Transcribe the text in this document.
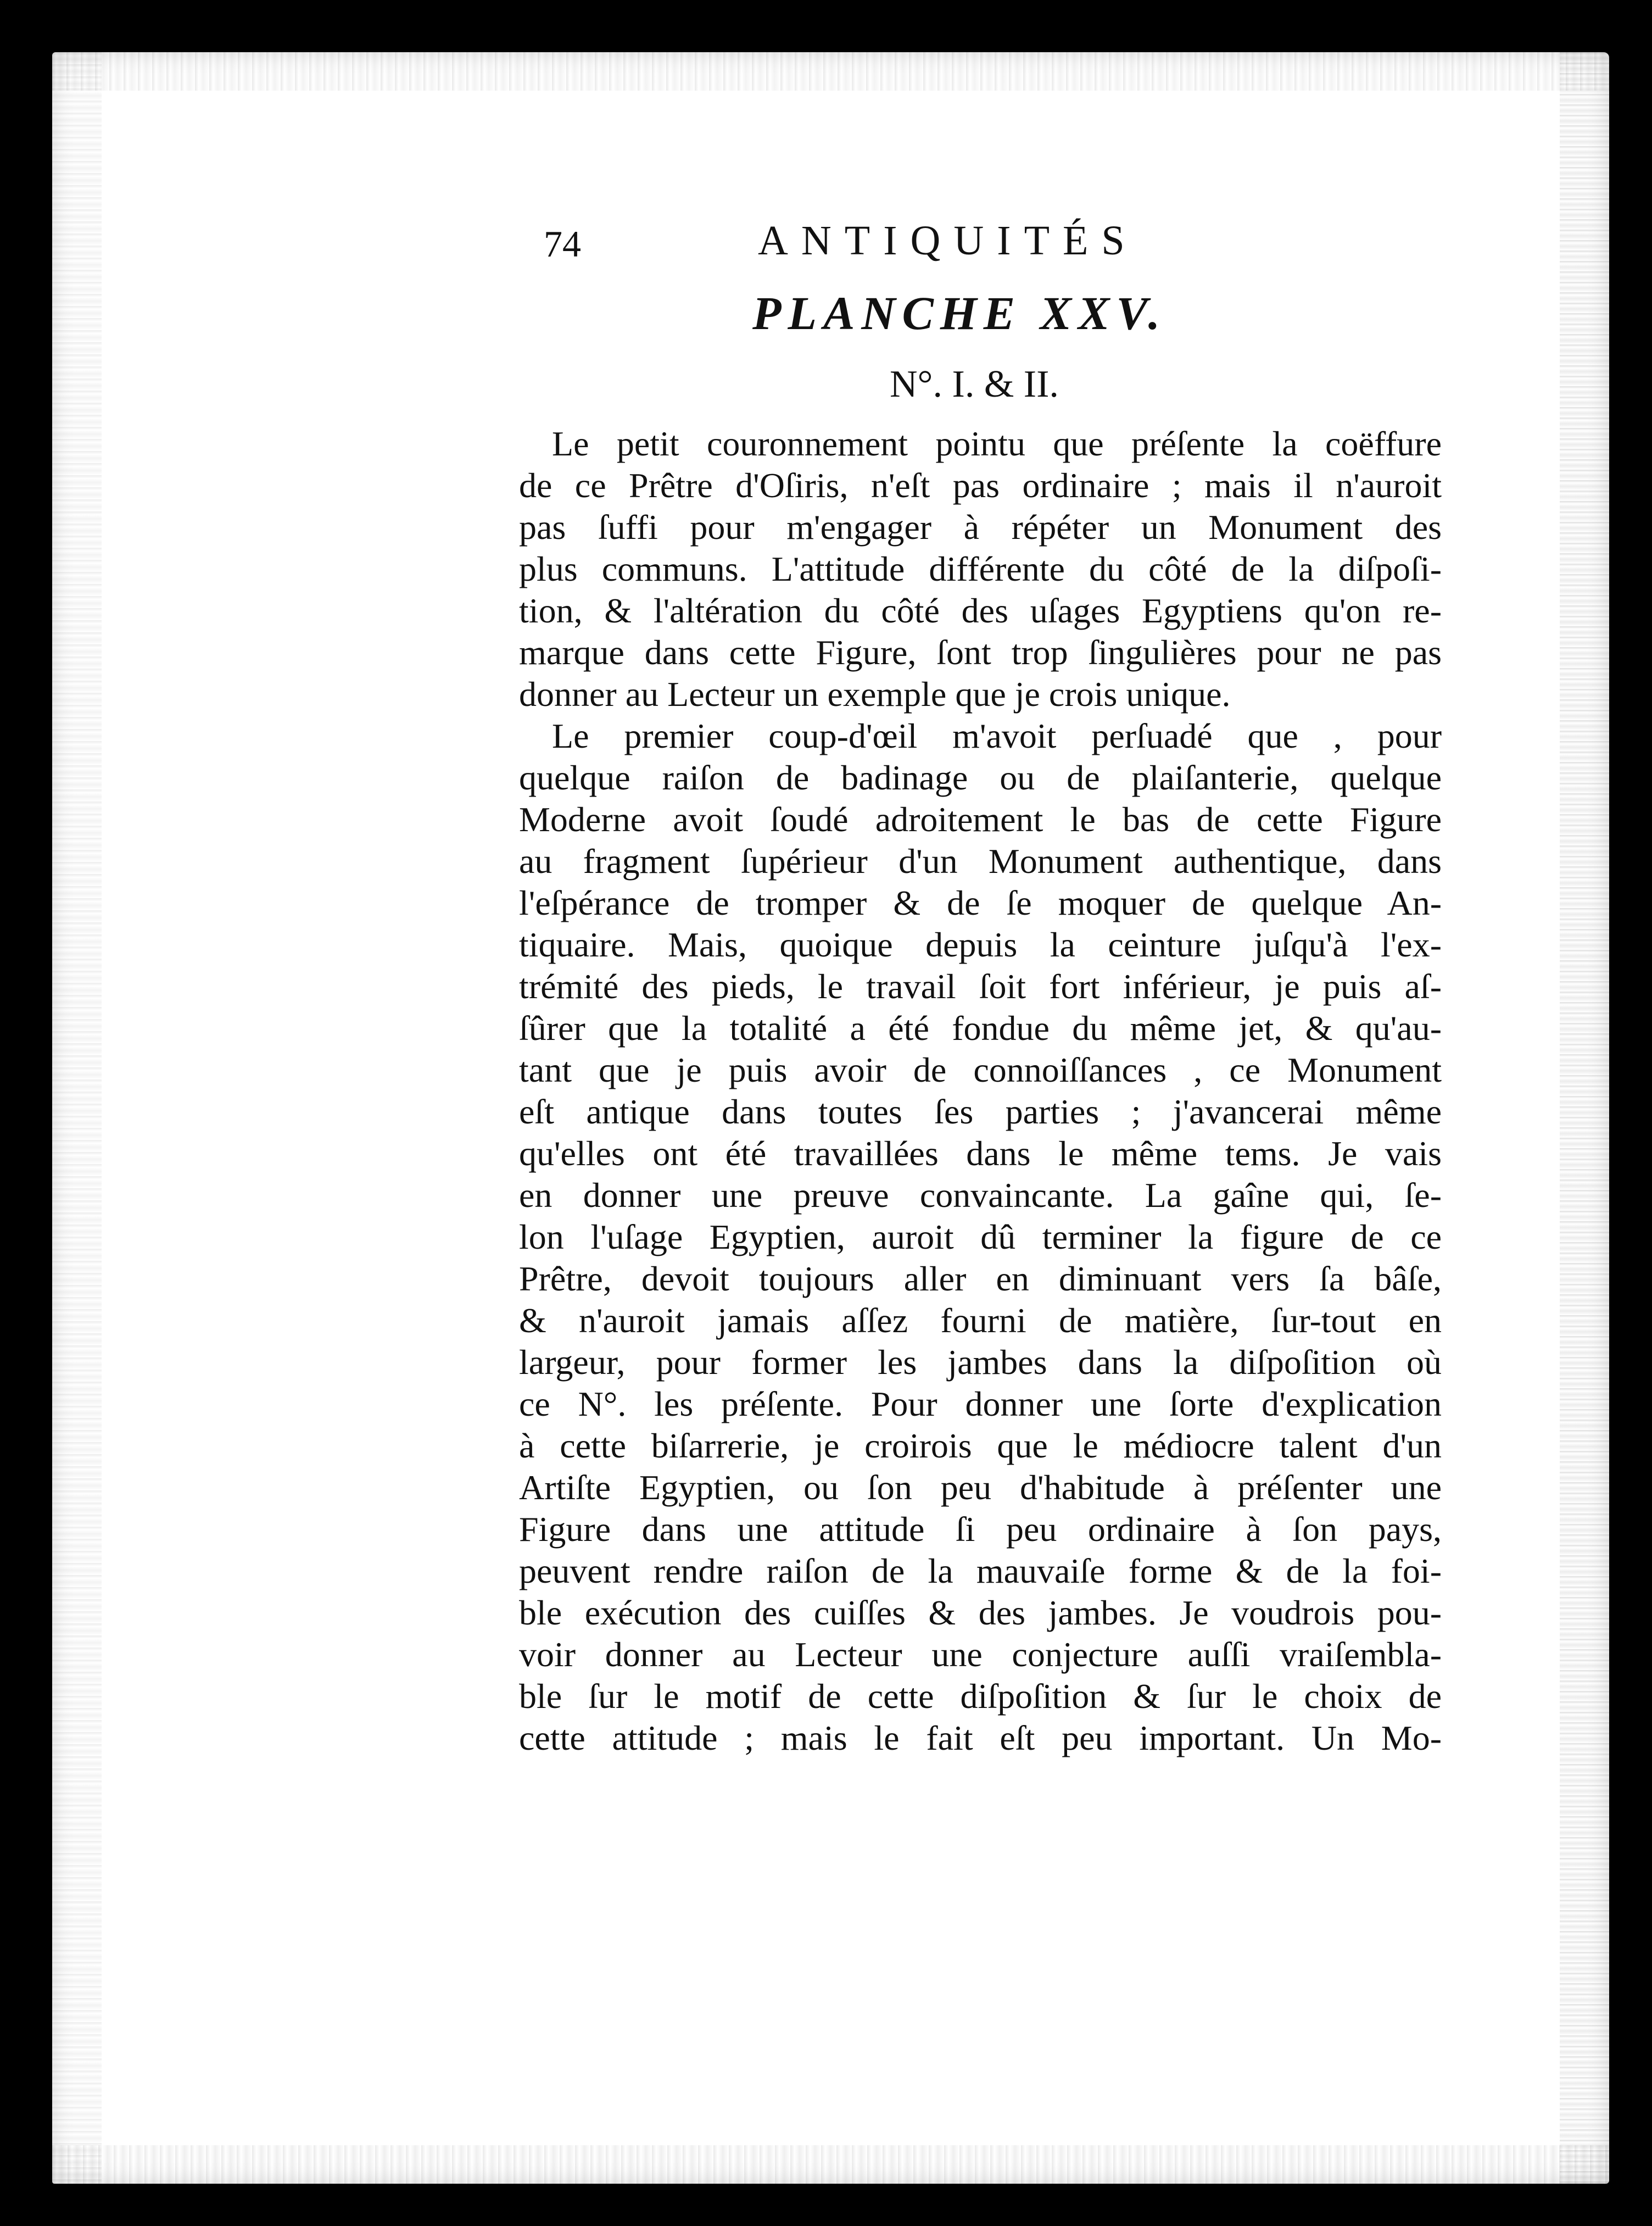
74	ANTIQUITÉS
PLANCHE XXV.
N°. I. & II.
Le petit couronnement pointu que préſente la coëffure
de ce Prêtre d'Oſiris, n'eſt pas ordinaire ; mais il n'auroit
pas ſuffi pour m'engager à répéter un Monument des
plus communs. L'attitude différente du côté de la diſpoſi-
tion, & l'altération du côté des uſages Egyptiens qu'on re-
marque dans cette Figure, ſont trop ſingulières pour ne pas
donner au Lecteur un exemple que je crois unique.
Le premier coup-d'œil m'avoit perſuadé que , pour
quelque raiſon de badinage ou de plaiſanterie, quelque
Moderne avoit ſoudé adroitement le bas de cette Figure
au fragment ſupérieur d'un Monument authentique, dans
l'eſpérance de tromper & de ſe moquer de quelque An-
tiquaire. Mais, quoique depuis la ceinture juſqu'à l'ex-
trémité des pieds, le travail ſoit fort inférieur, je puis aſ-
ſûrer que la totalité a été fondue du même jet, & qu'au-
tant que je puis avoir de connoiſſances , ce Monument
eſt antique dans toutes ſes parties ; j'avancerai même
qu'elles ont été travaillées dans le même tems. Je vais
en donner une preuve convaincante. La gaîne qui, ſe-
lon l'uſage Egyptien, auroit dû terminer la figure de ce
Prêtre, devoit toujours aller en diminuant vers ſa bâſe,
& n'auroit jamais aſſez fourni de matière, ſur-tout en
largeur, pour former les jambes dans la diſpoſition où
ce N°. les préſente. Pour donner une ſorte d'explication
à cette biſarrerie, je croirois que le médiocre talent d'un
Artiſte Egyptien, ou ſon peu d'habitude à préſenter une
Figure dans une attitude ſi peu ordinaire à ſon pays,
peuvent rendre raiſon de la mauvaiſe forme & de la foi-
ble exécution des cuiſſes & des jambes. Je voudrois pou-
voir donner au Lecteur une conjecture auſſi vraiſembla-
ble ſur le motif de cette diſpoſition & ſur le choix de
cette attitude ; mais le fait eſt peu important. Un Mo-
